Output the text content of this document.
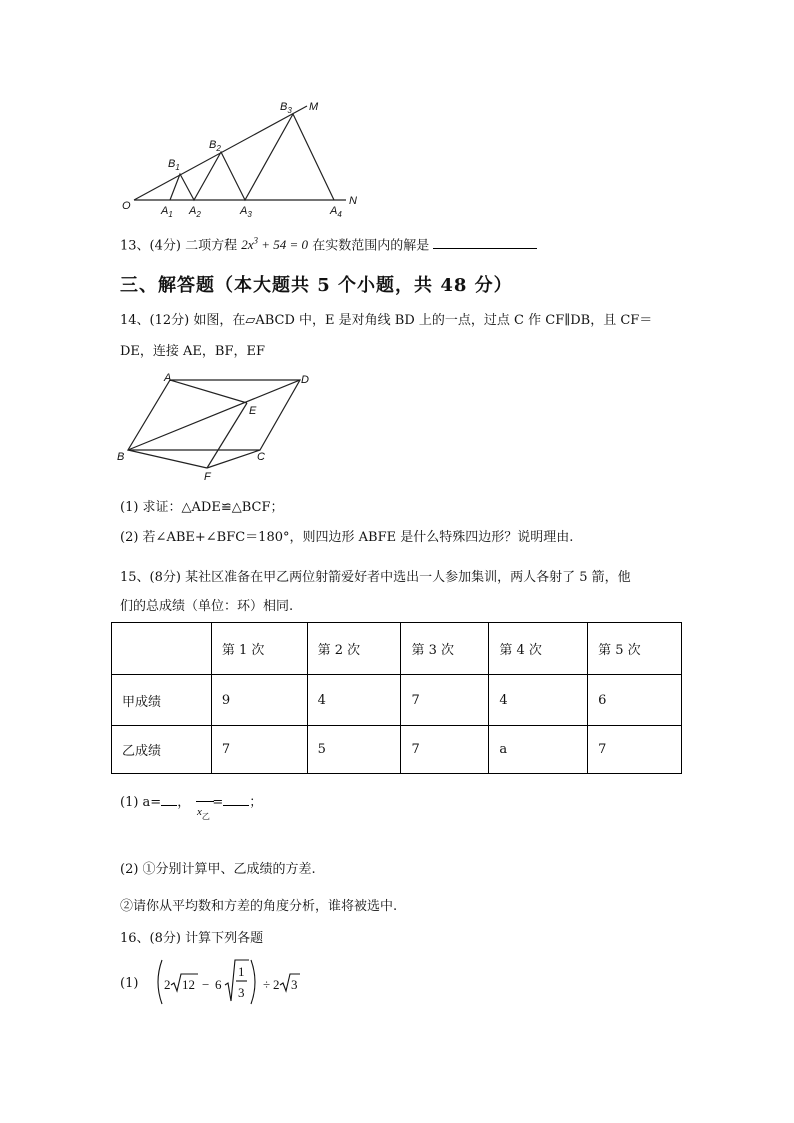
O	$A_1$ $A_2$	$A_3$	$A_4$
$B_1$
$B_2$
$B_3$ M
N
13、(4分) 二项方程 $2x^3 + 54 = 0$ 在实数范围内的解是
三、解答题（本大题共 5 个小题，共 48 分）
14、(12分) 如图，在▱ABCD 中，E 是对角线 BD 上的一点，过点 C 作 CF∥DB，且 CF＝
DE，连接 AE，BF，EF
A	D
E
B	C
F
(1) 求证：△ADE≌△BCF；
(2) 若∠ABE+∠BFC＝180°，则四边形 ABFE 是什么特殊四边形？说明理由.
15、(8分) 某社区准备在甲乙两位射箭爱好者中选出一人参加集训，两人各射了 5 箭，他
们的总成绩（单位：环）相同.
	第 1 次	第 2 次	第 3 次	第 4 次	第 5 次
甲成绩	9	4	7	4	6
乙成绩	7	5	7	a	7
(1) a= ， = ；
$x_乙$
(2) ①分别计算甲、乙成绩的方差.
②请你从平均数和方差的角度分析，谁将被选中.
16、(8分) 计算下列各题
(1) 2 12 − 6
1
3
÷ 2 3
